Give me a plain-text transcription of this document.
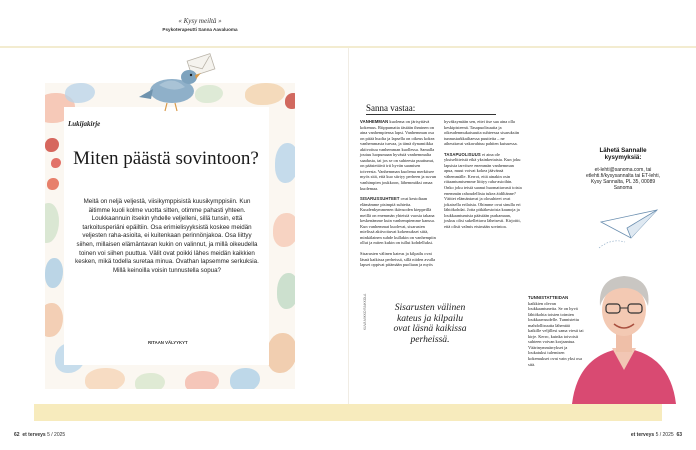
« Kysy meiltä »
Psykoterapeutti Sanna Aavaluoma
Lukijakirje
Miten päästä sovintoon?
Meitä on neljä veljestä, viisikymppisistä kuusikymppisiin. Kun äitimme kuoli kolme vuotta sitten, otimme pahasti yhteen. Loukkaannuin itsekin yhdelle veljelleni, sillä tunsin, että tarkoitusperiäni epäiltiin. Osa erimielisyyksistä koskee meidän veljesten raha-asioita, ei kuitenkaan perinnönjakoa. Osa liittyy siihen, millaisen elämäntavan kukin on valinnut, ja millä oikeudella toinen voi siihen puuttua. Välit ovat poikki lähes meidän kaikkien kesken, mikä todella suretaa minua. Ovathan lapsemme serkuksia. Millä keinoilla voisin tunnustella sopua?
RITAAN VÄLYYKYT
Sanna vastaa:

VANHEMMAN kuolema on järisyttävä kokemus. Riippumatta iästään ihminen on aina vanhempiensa lapsi. Vanhemman osa on pitää huolta ja lapsella on oikeus kokea vanhemmasta turvaa, ja tämä dynamiikka aktivoituu vanhemman kuollessa. Samalla joutuu luopumaan hyvästä vanhemmalta saadusta, tai jos se on suhteesta puuttunut, on päästettävä irti hyvän saamisen toiveesta. Vanhemman kuolema merkitsee myös sitä, että kuo siirtyy perheen ja suvun vanhimpien joukkoon, lähemmäksi omaa kuolemaa.

SISARUSSUHTEET ovat kestoltaan elämämme pisimpiä suhteita. Kuudenkymmenen ikävuoden kieppeillä meillä on enemmän yhteisiä vuosia takana keskenämme kuin vanhempiemme kanssa. Kun vanhemmat kuolevat, sisarusten mielissä aktivoituvat kokemukset siitä, minkälainen suhde kullakin on vanhempiin ollut ja miten kukin on tullut kohdelluksi.

Sisarusten välinen kateus ja kilpailu ovat läsnä kaikissa perheissä, sillä niiden avulla lapset oppivat pitämään puoliaan ja myös

hyväksymään sen, ettei itse saa aina olla keskipisteenä. Tasapuolisuutta ja oikeudenmukaisuutta suhteessa sisaruksiin tunnustarkkailtaessa puutteita – ne aiheuttavat vakavahtuu pahiten kutsuessa.

TASAPUOLISUUS ei aina ole yksiselitteistä eikä yksinkertaista. Kun joku lapsista tarvitsee enemmän vanhemman apua, muut voivat kokea jäävänsä vähemmälle. Kerrot, että ainakin osin riitaantumisemme liittyy raha-asioihin. Onko joku teistä saanut huomattavasti toista enemmän rahoudellista tukea äidiltänne? Väittet elämäntavat ja olosuhteet ovat jokaisella erilaisia. Ohimme ovat sinulla eri lähtökohdat. Jotta pitkäkestoisia kaunoja ja loukkaantumisia päästään purkamaan, joskus olisi sukellettava läheisesti. Kirjoitit, että olisit valmis etsimään sovintoa.

TUNNISTATTEIDAN kaikkien olevan loukkaantuneita. Se on hyvä lähtökohta toisten toimien loukkaavuudelle. Tunnistettu mahdollisuutta lähentää kaikille veljillesi sama viesti tai kirje. Kerro, kuinka toivoisit suhteen voivan korjaantua. Väärinymmärrykset ja loukatuksi tulemisen kokemukset ovat vain yksi osa sitä.

Sisarusten välinen kateus ja kilpailu ovat läsnä kaikissa perheissä.
KUVA MIKKO RAIKKOLA
Lähetä Sannalle kysymyksiä:
et-lehti@sanoma.com, tai etlehti.fi/kysysannalta tai ET-lehti, Kysy Sannalta, PL 35, 00089 Sanoma
62 et terveys 5 / 2025	et terveys 5 / 2025 63
